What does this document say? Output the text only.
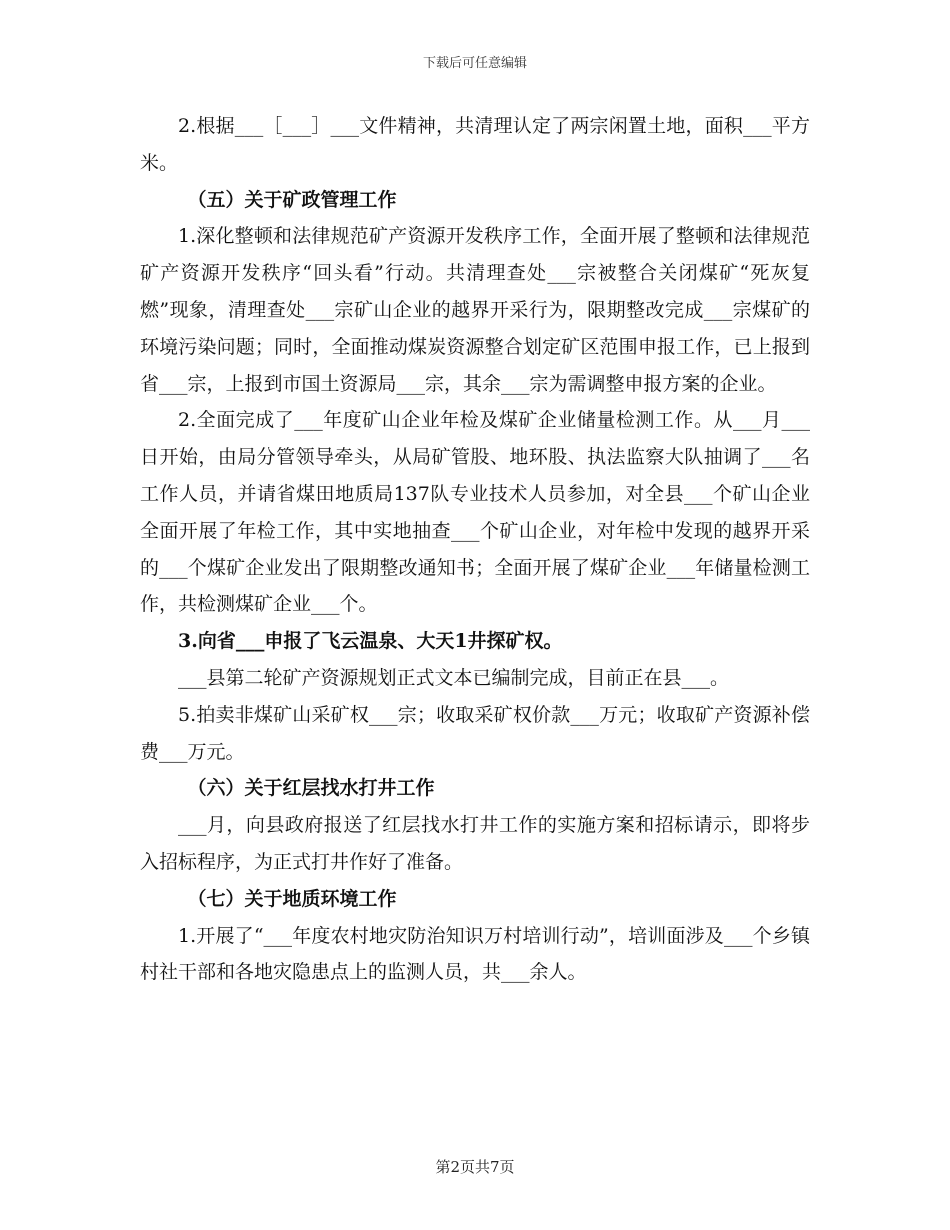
下载后可任意编辑

2.根据___［___］___文件精神，共清理认定了两宗闲置土地，面积___平方米。

（五）关于矿政管理工作

1.深化整顿和法律规范矿产资源开发秩序工作，全面开展了整顿和法律规范矿产资源开发秩序“回头看”行动。共清理查处___宗被整合关闭煤矿“死灰复燃”现象，清理查处___宗矿山企业的越界开采行为，限期整改完成___宗煤矿的环境污染问题；同时，全面推动煤炭资源整合划定矿区范围申报工作，已上报到省___宗，上报到市国土资源局___宗，其余___宗为需调整申报方案的企业。

2.全面完成了___年度矿山企业年检及煤矿企业储量检测工作。从___月___日开始，由局分管领导牵头，从局矿管股、地环股、执法监察大队抽调了___名工作人员，并请省煤田地质局137队专业技术人员参加，对全县___个矿山企业全面开展了年检工作，其中实地抽查___个矿山企业，对年检中发现的越界开采的___个煤矿企业发出了限期整改通知书；全面开展了煤矿企业___年储量检测工作，共检测煤矿企业___个。

3.向省___申报了飞云温泉、大天1井探矿权。

___县第二轮矿产资源规划正式文本已编制完成，目前正在县___。

5.拍卖非煤矿山采矿权___宗；收取采矿权价款___万元；收取矿产资源补偿费___万元。

（六）关于红层找水打井工作

___月，向县政府报送了红层找水打井工作的实施方案和招标请示，即将步入招标程序，为正式打井作好了准备。

（七）关于地质环境工作

1.开展了“___年度农村地灾防治知识万村培训行动”，培训面涉及___个乡镇村社干部和各地灾隐患点上的监测人员，共___余人。

第2页共7页
